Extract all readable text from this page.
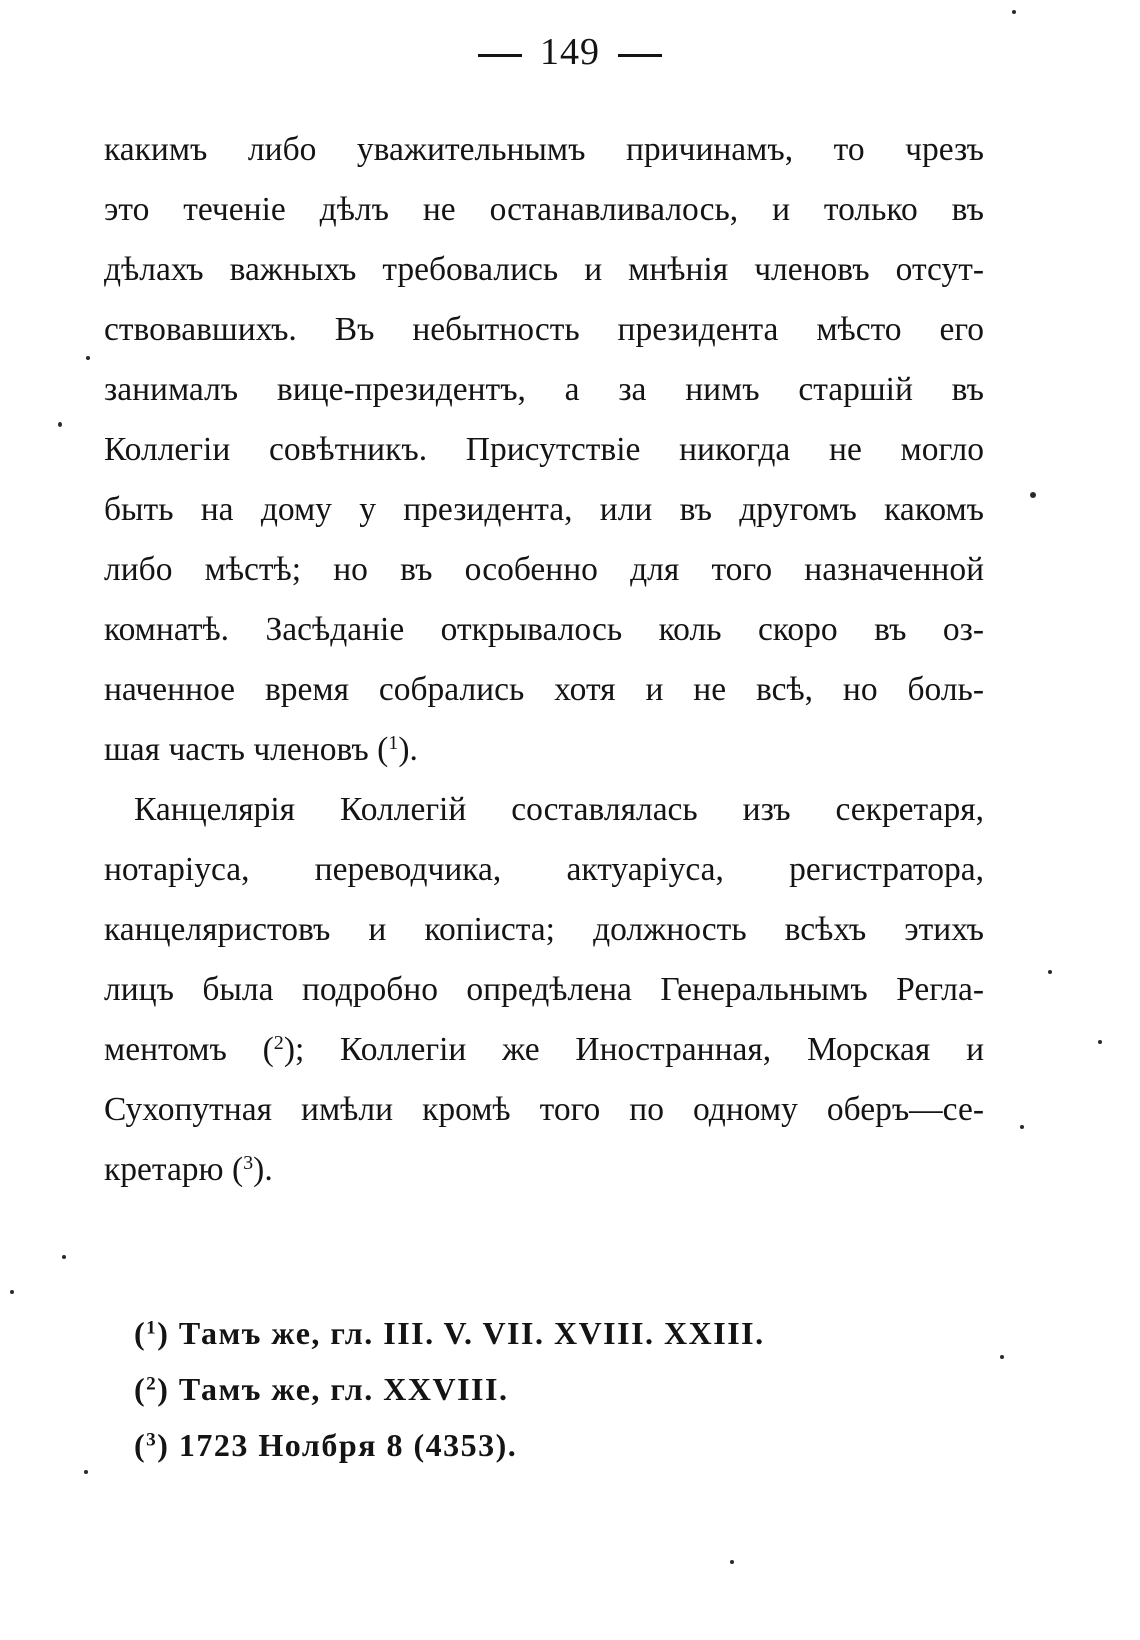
149
какимъ либо уважительнымъ причинамъ, то чрезъ
это теченіе дѣлъ не останавливалось, и только въ
дѣлахъ важныхъ требовались и мнѣнія членовъ отсут-
ствовавшихъ. Въ небытность президента мѣсто его
занималъ вице-президентъ, а за нимъ старшій въ
Коллегіи совѣтникъ. Присутствіе никогда не могло
быть на дому у президента, или въ другомъ какомъ
либо мѣстѣ; но въ особенно для того назначенной
комнатѣ. Засѣданіе открывалось коль скоро въ оз-
наченное время собрались хотя и не всѣ, но боль-
шая часть членовъ ($^1$).
Канцелярія Коллегій составлялась изъ секретаря,
нотаріуса, переводчика, актуаріуса, регистратора,
канцеляристовъ и копіиста; должность всѣхъ этихъ
лицъ была подробно опредѣлена Генеральнымъ Регла-
ментомъ ($^2$); Коллегіи же Иностранная, Морская и
Сухопутная имѣли кромѣ того по одному оберъ—се-
кретарю ($^3$).
($^1$) Тамъ же, гл. III. V. VII. XVIII. XXIII.
($^2$) Тамъ же, гл. XXVIII.
($^3$) 1723 Нолбря 8 (4353).
